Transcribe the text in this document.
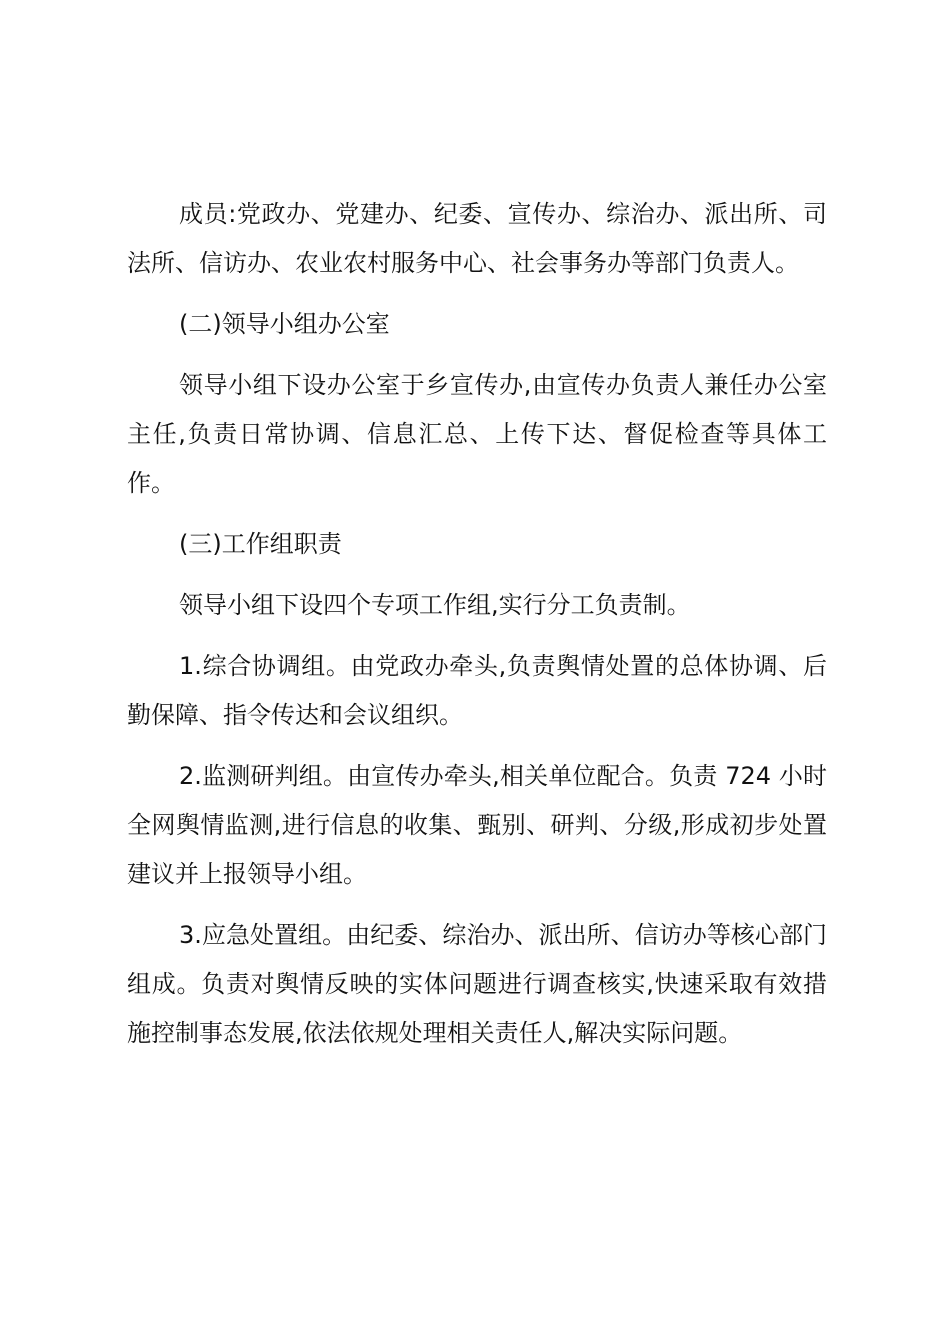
成员:党政办、党建办、纪委、宣传办、综治办、派出所、司法所、信访办、农业农村服务中心、社会事务办等部门负责人。

(二)领导小组办公室

领导小组下设办公室于乡宣传办,由宣传办负责人兼任办公室主任,负责日常协调、信息汇总、上传下达、督促检查等具体工作。

(三)工作组职责

领导小组下设四个专项工作组,实行分工负责制。

1.综合协调组。由党政办牵头,负责舆情处置的总体协调、后勤保障、指令传达和会议组织。

2.监测研判组。由宣传办牵头,相关单位配合。负责 724 小时全网舆情监测,进行信息的收集、甄别、研判、分级,形成初步处置建议并上报领导小组。

3.应急处置组。由纪委、综治办、派出所、信访办等核心部门组成。负责对舆情反映的实体问题进行调查核实,快速采取有效措施控制事态发展,依法依规处理相关责任人,解决实际问题。
